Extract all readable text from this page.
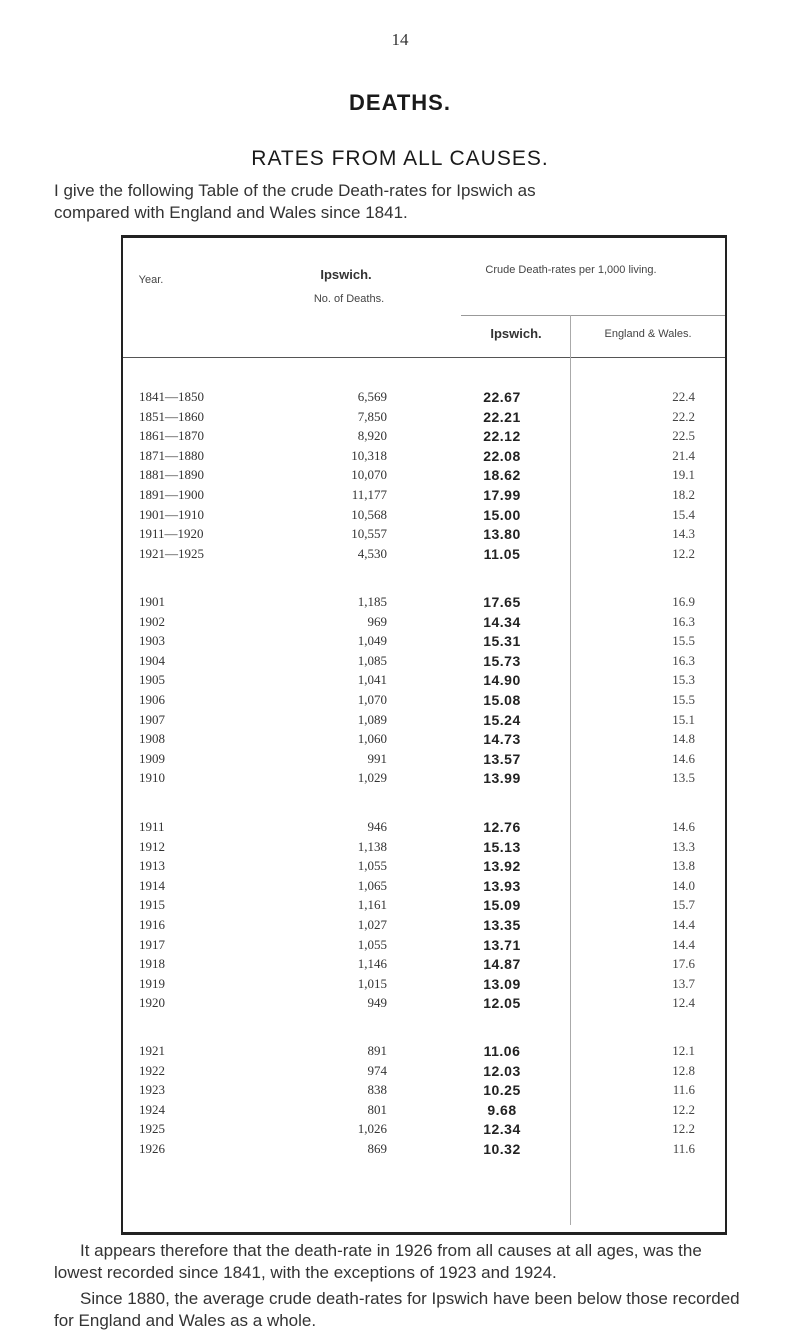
14
DEATHS.
RATES FROM ALL CAUSES.
I give the following Table of the crude Death-rates for Ipswich as
compared with England and Wales since 1841.
Year.	Ipswich.
No. of Deaths.
Crude Death-rates per 1,000 living.
Ipswich.	England & Wales.
1841—1850	6,569	22.67	22.4
1851—1860	7,850	22.21	22.2
1861—1870	8,920	22.12	22.5
1871—1880	10,318	22.08	21.4
1881—1890	10,070	18.62	19.1
1891—1900	11,177	17.99	18.2
1901—1910	10,568	15.00	15.4
1911—1920	10,557	13.80	14.3
1921—1925	4,530	11.05	12.2
1901	1,185	17.65	16.9
1902	969	14.34	16.3
1903	1,049	15.31	15.5
1904	1,085	15.73	16.3
1905	1,041	14.90	15.3
1906	1,070	15.08	15.5
1907	1,089	15.24	15.1
1908	1,060	14.73	14.8
1909	991	13.57	14.6
1910	1,029	13.99	13.5
1911	946	12.76	14.6
1912	1,138	15.13	13.3
1913	1,055	13.92	13.8
1914	1,065	13.93	14.0
1915	1,161	15.09	15.7
1916	1,027	13.35	14.4
1917	1,055	13.71	14.4
1918	1,146	14.87	17.6
1919	1,015	13.09	13.7
1920	949	12.05	12.4
1921	891	11.06	12.1
1922	974	12.03	12.8
1923	838	10.25	11.6
1924	801	9.68	12.2
1925	1,026	12.34	12.2
1926	869	10.32	11.6
It appears therefore that the death-rate in 1926 from all causes at all ages, was the lowest recorded since 1841, with the exceptions of 1923 and 1924.
Since 1880, the average crude death-rates for Ipswich have been below those recorded for England and Wales as a whole.
